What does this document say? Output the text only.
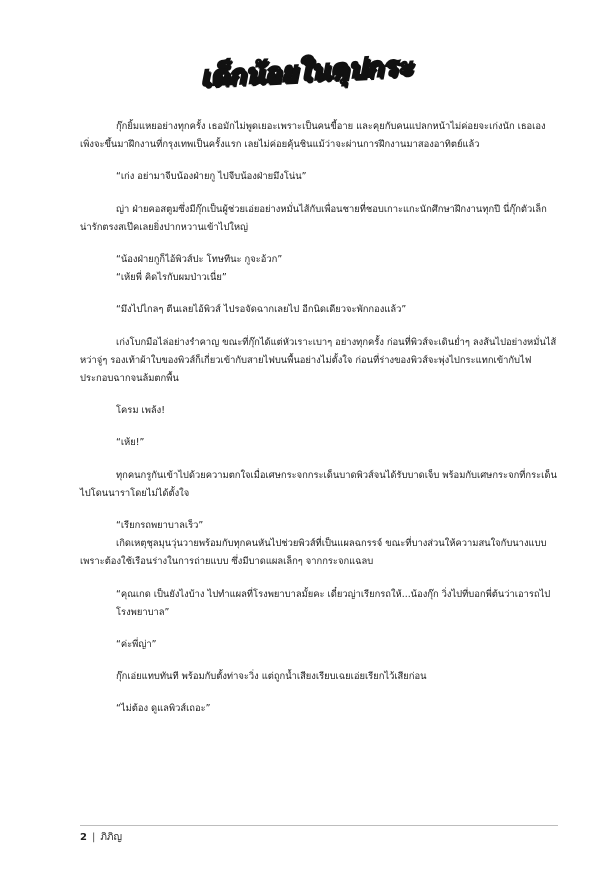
เด็กน้อยในคุปกระ

กุ๊กยิ้มแหยอย่างทุกครั้ง เธอมักไม่พูดเยอะเพราะเป็นคนขี้อาย และคุยกับคนแปลกหน้าไม่ค่อยจะเก่งนัก เธอเองเพิ่งจะขึ้นมาฝึกงานที่กรุงเทพเป็นครั้งแรก เลยไม่ค่อยคุ้นชินแม้ว่าจะผ่านการฝึกงานมาสองอาทิตย์แล้ว

“เก่ง อย่ามาจีบน้องฝ่ายกู ไปจีบน้องฝ่ายมึงโน่น”

ญ่า ฝ่ายคอสตูมซึ่งมีกุ๊กเป็นผู้ช่วยเอ่ยอย่างหมั่นไส้กับเพื่อนชายที่ชอบเกาะแกะนักศึกษาฝึกงานทุกปี นี่กุ๊กตัวเล็กน่ารักตรงสเป๊คเลยยิ่งปากหวานเข้าไปใหญ่

“น้องฝ่ายกูก็ไอ้พิวส์ปะ โทษทีนะ กูจะอ้วก”

“เห้ยพี่ คิดไรกับผมป่าวเนี่ย”

“มึงไปไกลๆ ตีนเลยไอ้พิวส์ ไปรอจัดฉากเลยไป อีกนิดเดียวจะพักกองแล้ว”

เก่งโบกมือไล่อย่างรำคาญ ขณะที่กุ๊กได้แต่หัวเราะเบาๆ อย่างทุกครั้ง ก่อนที่พิวส์จะเดินย่ำๆ ลงส้นไปอย่างหมั่นไส้ หว่าจู่ๆ รองเท้าผ้าใบของพิวส์ก็เกี่ยวเข้ากับสายไฟบนพื้นอย่างไม่ตั้งใจ ก่อนที่ร่างของพิวส์จะพุ่งไปกระแทกเข้ากับไฟประกอบฉากจนล้มตกพื้น

โครม เพล้ง!

“เห้ย!”

ทุกคนกรูกันเข้าไปด้วยความตกใจเมื่อเศษกระจกกระเด็นบาดพิวส์จนได้รับบาดเจ็บ พร้อมกับเศษกระจกที่กระเด็นไปโดนนาราโดยไม่ได้ตั้งใจ

“เรียกรถพยาบาลเร็ว”

เกิดเหตุชุลมุนวุ่นวายพร้อมกับทุกคนหันไปช่วยพิวส์ที่เป็นแผลฉกรรจ์ ขณะที่บางส่วนให้ความสนใจกับนางแบบเพราะต้องใช้เรือนร่างในการถ่ายแบบ ซึ่งมีบาดแผลเล็กๆ จากกระจกแฉลบ

“คุณเกด เป็นยังไงบ้าง ไปทำแผลที่โรงพยาบาลมั้ยคะ เดี๋ยวญ่าเรียกรถให้...น้องกุ๊ก วิ่งไปที่บอกพี่ต้นว่าเอารถไปโรงพยาบาล”

“ค่ะพี่ญ่า”

กุ๊กเอ่ยแทบทันที พร้อมกับตั้งท่าจะวิ่ง แต่ถูกน้ำเสียงเรียบเฉยเอ่ยเรียกไว้เสียก่อน

“ไม่ต้อง ดูแลพิวส์เถอะ”

2 | ภิภิญ
